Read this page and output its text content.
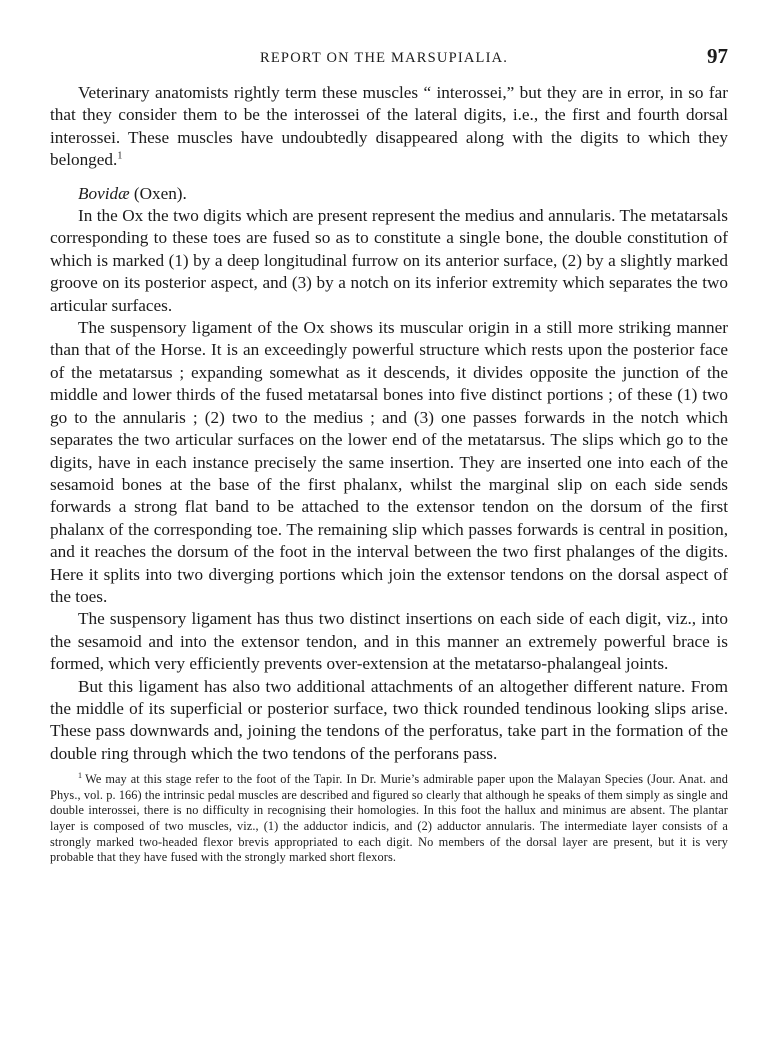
REPORT ON THE MARSUPIALIA.	97

Veterinary anatomists rightly term these muscles “ interossei,” but they are in error, in so far that they consider them to be the interossei of the lateral digits, i.e., the first and fourth dorsal interossei. These muscles have undoubtedly disappeared along with the digits to which they belonged.$^1$

Bovidæ (Oxen).

In the Ox the two digits which are present represent the medius and annularis. The metatarsals corresponding to these toes are fused so as to constitute a single bone, the double constitution of which is marked (1) by a deep longitudinal furrow on its anterior surface, (2) by a slightly marked groove on its posterior aspect, and (3) by a notch on its inferior extremity which separates the two articular surfaces.

The suspensory ligament of the Ox shows its muscular origin in a still more striking manner than that of the Horse. It is an exceedingly powerful structure which rests upon the posterior face of the metatarsus ; expanding somewhat as it descends, it divides opposite the junction of the middle and lower thirds of the fused metatarsal bones into five distinct portions ; of these (1) two go to the annularis ; (2) two to the medius ; and (3) one passes forwards in the notch which separates the two articular surfaces on the lower end of the metatarsus. The slips which go to the digits, have in each instance precisely the same insertion. They are inserted one into each of the sesamoid bones at the base of the first phalanx, whilst the marginal slip on each side sends forwards a strong flat band to be attached to the extensor tendon on the dorsum of the first phalanx of the corresponding toe. The remaining slip which passes forwards is central in position, and it reaches the dorsum of the foot in the interval between the two first phalanges of the digits. Here it splits into two diverging portions which join the extensor tendons on the dorsal aspect of the toes.

The suspensory ligament has thus two distinct insertions on each side of each digit, viz., into the sesamoid and into the extensor tendon, and in this manner an extremely powerful brace is formed, which very efficiently prevents over-extension at the metatarso-phalangeal joints.

But this ligament has also two additional attachments of an altogether different nature. From the middle of its superficial or posterior surface, two thick rounded tendinous looking slips arise. These pass downwards and, joining the tendons of the perforatus, take part in the formation of the double ring through which the two tendons of the perforans pass.

$^1$ We may at this stage refer to the foot of the Tapir. In Dr. Murie’s admirable paper upon the Malayan Species (Jour. Anat. and Phys., vol. p. 166) the intrinsic pedal muscles are described and figured so clearly that although he speaks of them simply as single and double interossei, there is no difficulty in recognising their homologies. In this foot the hallux and minimus are absent. The plantar layer is composed of two muscles, viz., (1) the adductor indicis, and (2) adductor annularis. The intermediate layer consists of a strongly marked two-headed flexor brevis appropriated to each digit. No members of the dorsal layer are present, but it is very probable that they have fused with the strongly marked short flexors.
